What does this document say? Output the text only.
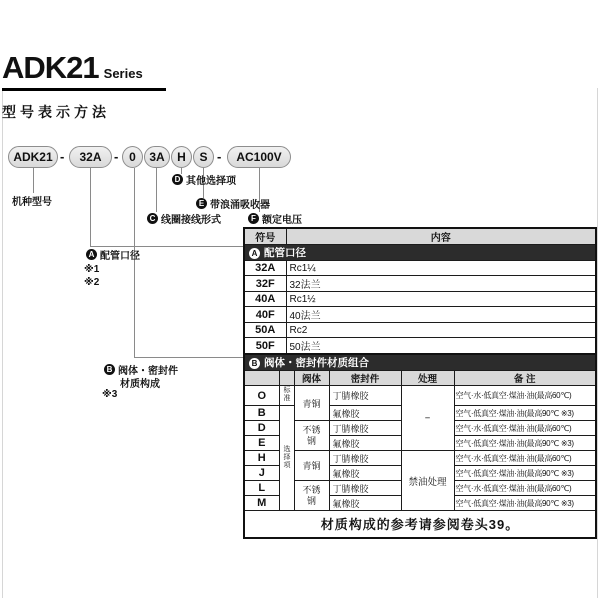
ADK21 Series
型号表示方法
ADK21 -	32A - 0	3A	H	S -	AC100V
机种型号
D 其他选择项
E 带浪涌吸收器
C 线圈接线形式	F 额定电压
A 配管口径
※1
※2
B 阀体・密封件
材质构成
※3
符号	内容
A 配管口径	
32A	Rc1¼
32F	32法兰
40A	Rc1½
40F	40法兰
50A	Rc2
50F	50法兰
B 阀体・密封件材质组合					
		阀体	密封件	处理	备 注
O	标准	青铜	丁腈橡胶	−	空气·水·低真空·煤油·油(最高60℃)
B	选择项		氟橡胶		空气·低真空·煤油·油(最高90℃ ※3)
D		不锈钢	丁腈橡胶		空气·水·低真空·煤油·油(最高60℃)
E			氟橡胶		空气·低真空·煤油·油(最高90℃ ※3)
H		青铜	丁腈橡胶	禁油处理	空气·水·低真空·煤油·油(最高60℃)
J			氟橡胶		空气·低真空·煤油·油(最高90℃ ※3)
L		不锈钢	丁腈橡胶		空气·水·低真空·煤油·油(最高60℃)
M			氟橡胶		空气·低真空·煤油·油(最高90℃ ※3)
材质构成的参考请参阅卷头39。					
